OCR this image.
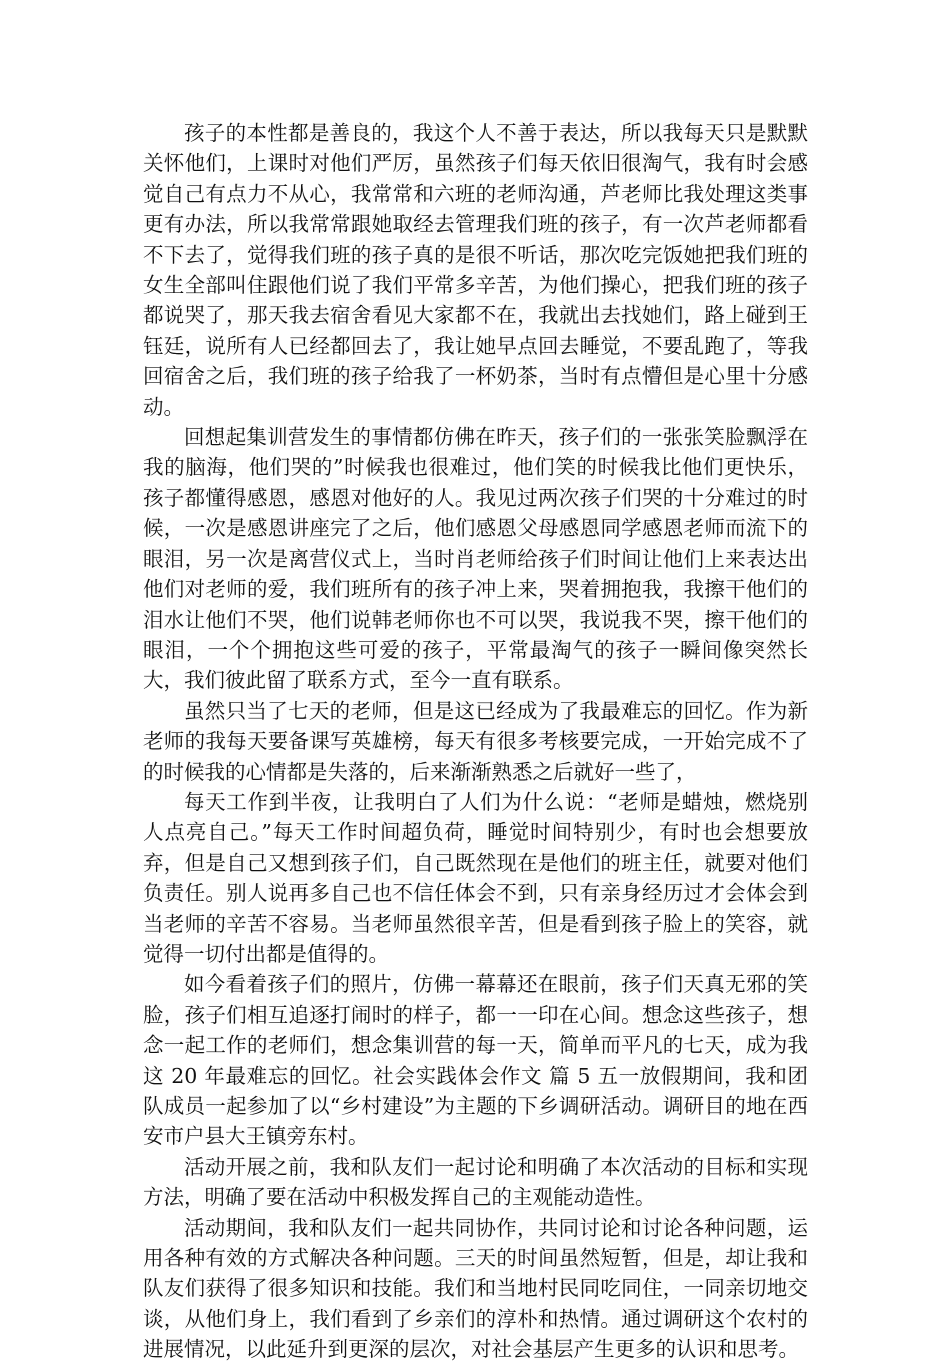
孩子的本性都是善良的，我这个人不善于表达，所以我每天只是默默关怀他们，上课时对他们严厉，虽然孩子们每天依旧很淘气，我有时会感觉自己有点力不从心，我常常和六班的老师沟通，芦老师比我处理这类事更有办法，所以我常常跟她取经去管理我们班的孩子，有一次芦老师都看不下去了，觉得我们班的孩子真的是很不听话，那次吃完饭她把我们班的女生全部叫住跟他们说了我们平常多辛苦，为他们操心，把我们班的孩子都说哭了，那天我去宿舍看见大家都不在，我就出去找她们，路上碰到王钰廷，说所有人已经都回去了，我让她早点回去睡觉，不要乱跑了，等我回宿舍之后，我们班的孩子给我了一杯奶茶，当时有点懵但是心里十分感动。

回想起集训营发生的事情都仿佛在昨天，孩子们的一张张笑脸飘浮在我的脑海，他们哭的”时候我也很难过，他们笑的时候我比他们更快乐，孩子都懂得感恩，感恩对他好的人。我见过两次孩子们哭的十分难过的时候，一次是感恩讲座完了之后，他们感恩父母感恩同学感恩老师而流下的眼泪，另一次是离营仪式上，当时肖老师给孩子们时间让他们上来表达出他们对老师的爱，我们班所有的孩子冲上来，哭着拥抱我，我擦干他们的泪水让他们不哭，他们说韩老师你也不可以哭，我说我不哭，擦干他们的眼泪，一个个拥抱这些可爱的孩子，平常最淘气的孩子一瞬间像突然长大，我们彼此留了联系方式，至今一直有联系。

虽然只当了七天的老师，但是这已经成为了我最难忘的回忆。作为新老师的我每天要备课写英雄榜，每天有很多考核要完成，一开始完成不了的时候我的心情都是失落的，后来渐渐熟悉之后就好一些了，

每天工作到半夜，让我明白了人们为什么说：“老师是蜡烛，燃烧别人点亮自己。”每天工作时间超负荷，睡觉时间特别少，有时也会想要放弃，但是自己又想到孩子们，自己既然现在是他们的班主任，就要对他们负责任。别人说再多自己也不信任体会不到，只有亲身经历过才会体会到当老师的辛苦不容易。当老师虽然很辛苦，但是看到孩子脸上的笑容，就觉得一切付出都是值得的。

如今看着孩子们的照片，仿佛一幕幕还在眼前，孩子们天真无邪的笑脸，孩子们相互追逐打闹时的样子，都一一印在心间。想念这些孩子，想念一起工作的老师们，想念集训营的每一天，简单而平凡的七天，成为我这 20 年最难忘的回忆。社会实践体会作文 篇 5 五一放假期间，我和团队成员一起参加了以“乡村建设”为主题的下乡调研活动。调研目的地在西安市户县大王镇旁东村。

活动开展之前，我和队友们一起讨论和明确了本次活动的目标和实现方法，明确了要在活动中积极发挥自己的主观能动造性。

活动期间，我和队友们一起共同协作，共同讨论和讨论各种问题，运用各种有效的方式解决各种问题。三天的时间虽然短暂，但是，却让我和队友们获得了很多知识和技能。我们和当地村民同吃同住，一同亲切地交谈，从他们身上，我们看到了乡亲们的淳朴和热情。通过调研这个农村的进展情况，以此延升到更深的层次，对社会基层产生更多的认识和思考。
